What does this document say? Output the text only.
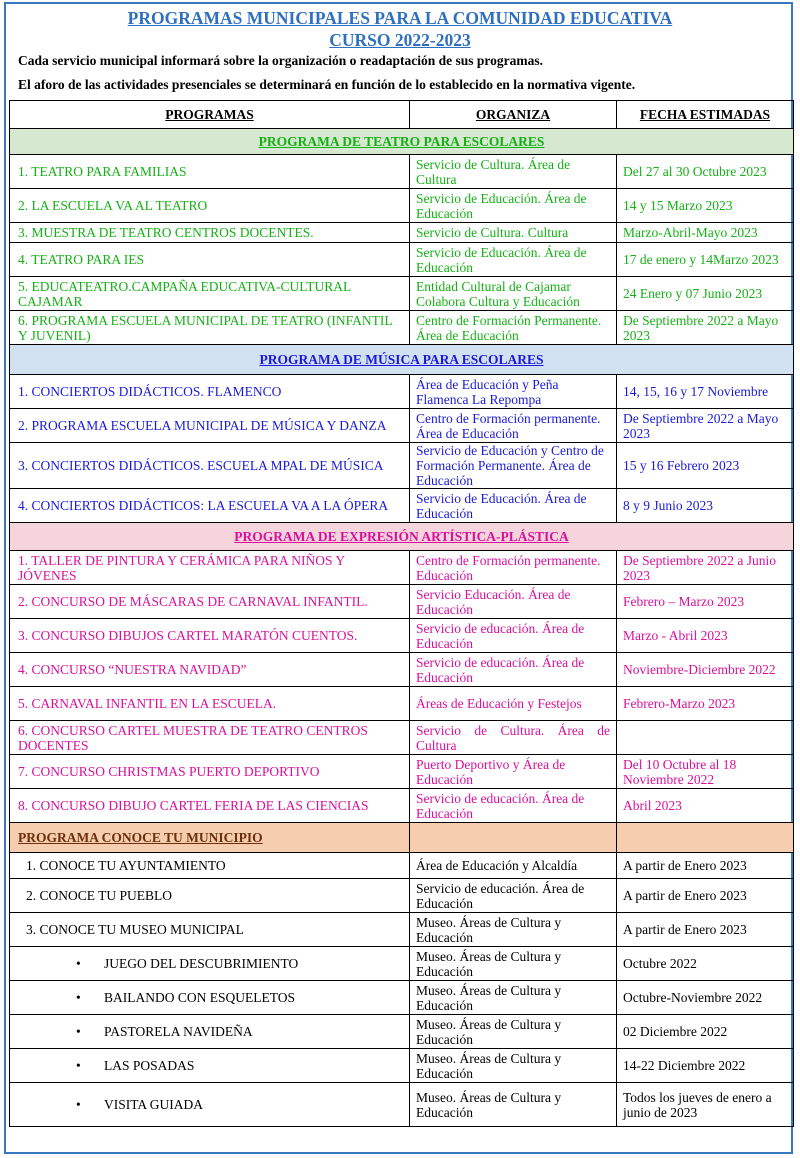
PROGRAMAS MUNICIPALES PARA LA COMUNIDAD EDUCATIVA
CURSO 2022-2023
Cada servicio municipal informará sobre la organización o readaptación de sus programas.
El aforo de las actividades presenciales se determinará en función de lo establecido en la normativa vigente.
PROGRAMAS	ORGANIZA	FECHA ESTIMADAS
PROGRAMA DE TEATRO PARA ESCOLARES		
1. TEATRO PARA FAMILIAS	Servicio de Cultura. Área de Cultura	Del 27 al 30 Octubre 2023
2. LA ESCUELA VA AL TEATRO	Servicio de Educación. Área de Educación	14 y 15 Marzo 2023
3. MUESTRA DE TEATRO CENTROS DOCENTES.	Servicio de Cultura. Cultura	Marzo-Abril-Mayo 2023
4. TEATRO PARA IES	Servicio de Educación. Área de Educación	17 de enero y 14Marzo 2023
5. EDUCATEATRO.CAMPAÑA EDUCATIVA-CULTURAL CAJAMAR	Entidad Cultural de Cajamar Colabora Cultura y Educación	24 Enero y 07 Junio 2023
6. PROGRAMA ESCUELA MUNICIPAL DE TEATRO (INFANTIL Y JUVENIL)	Centro de Formación Permanente. Área de Educación	De Septiembre 2022 a Mayo 2023
PROGRAMA DE MÚSICA PARA ESCOLARES		
1. CONCIERTOS DIDÁCTICOS. FLAMENCO	Área de Educación y Peña Flamenca La Repompa	14, 15, 16 y 17 Noviembre
2. PROGRAMA ESCUELA MUNICIPAL DE MÚSICA Y DANZA	Centro de Formación permanente. Área de Educación	De Septiembre 2022 a Mayo 2023
3. CONCIERTOS DIDÁCTICOS. ESCUELA MPAL DE MÚSICA	Servicio de Educación y Centro de Formación Permanente. Área de Educación	15 y 16 Febrero 2023
4. CONCIERTOS DIDÁCTICOS: LA ESCUELA VA A LA ÓPERA	Servicio de Educación. Área de Educación	8 y 9 Junio 2023
PROGRAMA DE EXPRESIÓN ARTÍSTICA-PLÁSTICA		
1. TALLER DE PINTURA Y CERÁMICA PARA NIÑOS Y JÓVENES	Centro de Formación permanente. Educación	De Septiembre 2022 a Junio 2023
2. CONCURSO DE MÁSCARAS DE CARNAVAL INFANTIL.	Servicio Educación. Área de Educación	Febrero – Marzo 2023
3. CONCURSO DIBUJOS CARTEL MARATÓN CUENTOS.	Servicio de educación. Área de Educación	Marzo - Abril 2023
4. CONCURSO “NUESTRA NAVIDAD”	Servicio de educación. Área de Educación	Noviembre-Diciembre 2022
5. CARNAVAL INFANTIL EN LA ESCUELA.	Áreas de Educación y Festejos	Febrero-Marzo 2023
6. CONCURSO CARTEL MUESTRA DE TEATRO CENTROS DOCENTES	Servicio de Cultura. Área de Cultura	
7. CONCURSO CHRISTMAS PUERTO DEPORTIVO	Puerto Deportivo y Área de Educación	Del 10 Octubre al 18 Noviembre 2022
8. CONCURSO DIBUJO CARTEL FERIA DE LAS CIENCIAS	Servicio de educación. Área de Educación	Abril 2023
PROGRAMA CONOCE TU MUNICIPIO		
1. CONOCE TU AYUNTAMIENTO	Área de Educación y Alcaldía	A partir de Enero 2023
2. CONOCE TU PUEBLO	Servicio de educación. Área de Educación	A partir de Enero 2023
3. CONOCE TU MUSEO MUNICIPAL	Museo. Áreas de Cultura y Educación	A partir de Enero 2023

• JUEGO DEL DESCUBRIMIENTO	Museo. Áreas de Cultura y Educación	Octubre 2022

• BAILANDO CON ESQUELETOS	Museo. Áreas de Cultura y Educación	Octubre-Noviembre 2022

• PASTORELA NAVIDEÑA	Museo. Áreas de Cultura y Educación	02 Diciembre 2022

• LAS POSADAS	Museo. Áreas de Cultura y Educación	14-22 Diciembre 2022

• VISITA GUIADA	Museo. Áreas de Cultura y Educación	Todos los jueves de enero a junio de 2023
